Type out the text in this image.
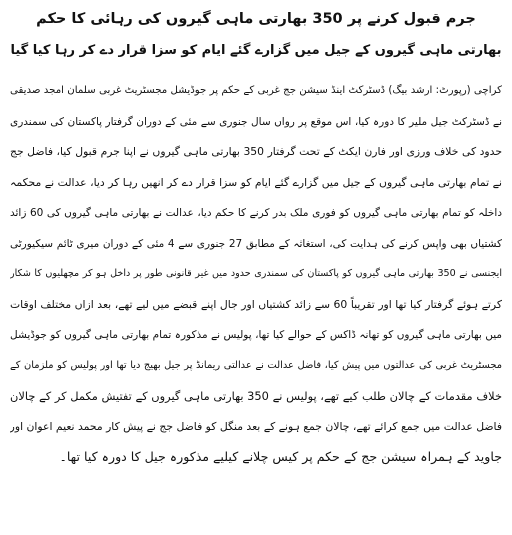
جرم قبول کرنے پر 350 بھارتی ماہی گیروں کی رہائی کا حکم
بھارتی ماہی گیروں کے جیل میں گزارے گئے ایام کو سزا قرار دے کر رہا کیا گیا
کراچی (رپورٹ: ارشد بیگ) ڈسٹرکٹ اینڈ سیشن جج غربی کے حکم پر جوڈیشل مجسٹریٹ غربی سلمان امجد صدیقی
نے ڈسٹرکٹ جیل ملیر کا دورہ کیا، اس موقع پر رواں سال جنوری سے مئی کے دوران گرفتار پاکستان کی سمندری
حدود کی خلاف ورزی اور فارن ایکٹ کے تحت گرفتار 350 بھارتی ماہی گیروں نے اپنا جرم قبول کیا، فاضل جج
نے تمام بھارتی ماہی گیروں کے جیل میں گزارے گئے ایام کو سزا قرار دے کر انھیں رہا کر دیا، عدالت نے محکمہ
داخلہ کو تمام بھارتی ماہی گیروں کو فوری ملک بدر کرنے کا حکم دیا، عدالت نے بھارتی ماہی گیروں کی 60 زائد
کشتیاں بھی واپس کرنے کی ہدایت کی، استغاثہ کے مطابق 27 جنوری سے 4 مئی کے دوران میری ٹائم سیکیورٹی
ایجنسی نے 350 بھارتی ماہی گیروں کو پاکستان کی سمندری حدود میں غیر قانونی طور پر داخل ہو کر مچھلیوں کا شکار
کرتے ہوئے گرفتار کیا تھا اور تقریباً 60 سے زائد کشتیاں اور جال اپنے قبضے میں لیے تھے، بعد ازاں مختلف اوقات
میں بھارتی ماہی گیروں کو تھانہ ڈاکس کے حوالے کیا تھا، پولیس نے مذکورہ تمام بھارتی ماہی گیروں کو جوڈیشل
مجسٹریٹ غربی کی عدالتوں میں پیش کیا، فاضل عدالت نے عدالتی ریمانڈ پر جیل بھیج دیا تھا اور پولیس کو ملزمان کے
خلاف مقدمات کے چالان طلب کیے تھے، پولیس نے 350 بھارتی ماہی گیروں کے تفتیش مکمل کر کے چالان
فاضل عدالت میں جمع کرائے تھے، چالان جمع ہونے کے بعد منگل کو فاضل جج نے پیش کار محمد نعیم اعوان اور
جاوید کے ہمراہ سیشن جج کے حکم پر کیس چلانے کیلیے مذکورہ جیل کا دورہ کیا تھا۔
